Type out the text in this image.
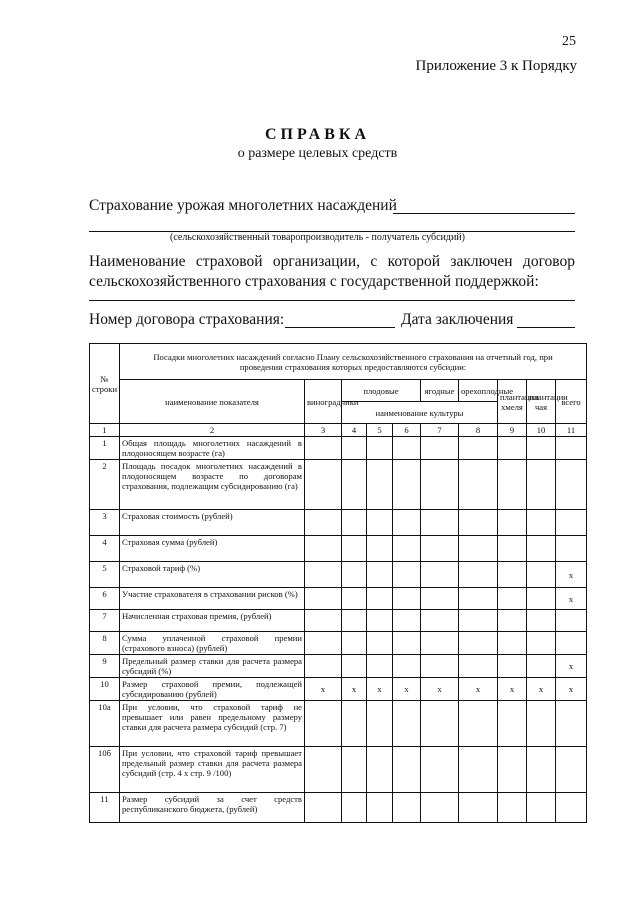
25
Приложение 3 к Порядку
СПРАВКА
о размере целевых средств
Страхование урожая многолетних насаждений
(сельскохозяйственный товаропроизводитель - получатель субсидий)
Наименование страховой организации, с которой заключен договор сельскохозяйственного страхования с государственной поддержкой:
Номер договора страхования:	Дата заключения
№ строки	Посадки многолетних насаждений согласно Плану сельскохозяйственного страхования на отчетный год, при проведении страхования которых предоставляются субсидии:									
	наименование показателя	виноградники	плодовые			ягодные	орехоплодные	плантации хмеля	плантации чая	всего
			наименование культуры							
1	2	3	4	5	6	7	8	9	10	11
1	Общая площадь многолетних насаждений в плодоносящем возрасте (га)									
2	Площадь посадок многолетних насаждений в плодоносящем возрасте по договорам страхования, подлежащим субсидированию (га)									
3	Страховая стоимость (рублей)									
4	Страховая сумма (рублей)									
5	Страховой тариф (%)									x
6	Участие страхователя в страховании рисков (%)									x
7	Начисленная страховая премия, (рублей)									
8	Сумма уплаченной страховой премии (страхового взноса) (рублей)									
9	Предельный размер ставки для расчета размера субсидий (%)									x
10	Размер страховой премии, подлежащей субсидированию (рублей)	x	x	x	x	x	x	x	x	x
10а	При условии, что страховой тариф не превышает или равен предельному размеру ставки для расчета размера субсидий (стр. 7)									
10б	При условии, что страховой тариф превышает предельный размер ставки для расчета размера субсидий (стр. 4 х стр. 9 /100)									
11	Размер субсидий за счет средств республиканского бюджета, (рублей)									
